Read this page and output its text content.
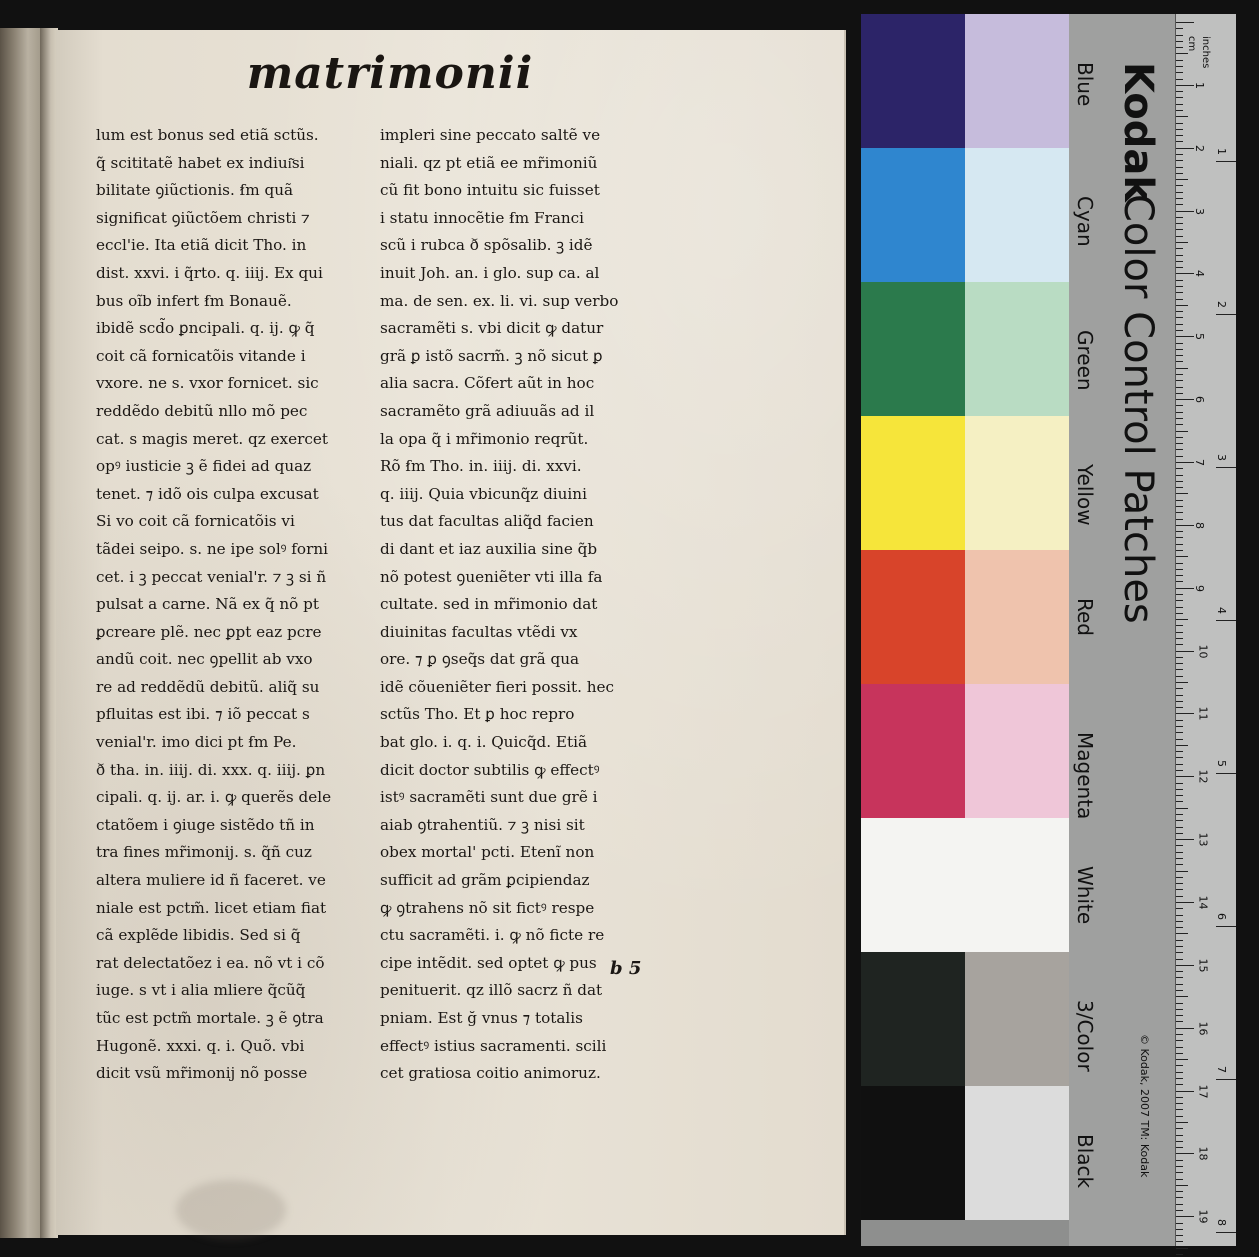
matrimonii
lum est bonus sed etiã sctũs.
q̃ scititatẽ habet ex indiui͂si
bilitate ꝯiũctionis. ẜm quã
significat ꝯiũctõem christi ⁊
eccl'ie. Ita etiã dicit Tho. in
dist. xxvi. i q̃rto. q. iiij. Ex qui
bus oĩb infert ẜm Bonauẽ.
ibidẽ scd̃o ꝑncipali. q. ij. ꝙ q̃
coit cã fornicatõis vitande i
vxore. ne s. vxor fornicet. sic
reddẽdo debitũ nllo mõ pec
cat. s magis meret. qz exercet
opꝰ iusticie ꝫ ẽ fidei ad quaz
tenet. ⁊ idõ ois culpa excusat
Si vo coit cã fornicatõis vi
tãdei seipo. s. ne ipe solꝰ forni
cet. i ꝫ peccat venial'r. ⁊ ꝫ si ñ
pulsat a carne. Nã ex q̃ nõ pt
ꝑcreare plẽ. nec ꝑpt eaz pcre
andũ coit. nec ꝯpellit ab vxo
re ad reddẽdũ debitũ. aliq̃ su
pfluitas est ibi. ⁊ iõ peccat s
venial'r. imo dici pt ẜm Pe.
ð tha. in. iiij. di. xxx. q. iiij. ꝑn
cipali. q. ij. ar. i. ꝙ querẽs dele
ctatõem i ꝯiuge sistẽdo tñ in
tra fines mr̃imonij. s. q̃ñ cuz
altera muliere id ñ faceret. ve
niale est pctm̃. licet etiam fiat
cã explẽde libidis. Sed si q̃
rat delectatõez i ea. nõ vt i cõ
iuge. s vt i alia mliere q̃cũq̃
tũc est pctm̃ mortale. ꝫ ẽ ꝯtra
Hugonẽ. xxxi. q. i. Quõ. vbi
dicit vsũ mr̃imonij nõ posse
impleri sine peccato saltẽ ve
niali. qz pt etiã ee mr̃imoniũ
cũ fit bono intuitu sic fuisset
i statu innocẽtie ẜm Franci
scũ i rubca ð spõsalib. ꝫ idẽ
inuit Joh. an. i glo. sup ca. al
ma. de sen. ex. li. vi. sup verbo
sacramẽti s. vbi dicit ꝙ datur
grã ꝑ istõ sacrm̃. ꝫ nõ sicut ꝑ
alia sacra. Cõfert aũt in hoc
sacramẽto grã adiuuãs ad il
la opa q̃ i mr̃imonio reqrũt.
Rõ ẜm Tho. in. iiij. di. xxvi.
q. iiij. Quia vbicunq̃z diuini
tus dat facultas aliq̃d facien
di dant et iaz auxilia sine q̃b
nõ potest ꝯueniẽter vti illa fa
cultate. sed in mr̃imonio dat
diuinitas facultas vtẽdi vx
ore. ⁊ ꝑ ꝯseq̃s dat grã qua
idẽ cõueniẽter fieri possit. hec
sctũs Tho. Et ꝑ hoc repro
bat glo. i. q. i. Quicq̃d. Etiã
dicit doctor subtilis ꝙ effectꝰ
istꝰ sacramẽti sunt due grẽ i
aiab ꝯtrahentiũ. ⁊ ꝫ nisi sit
obex mortal' pcti. Etenĩ non
sufficit ad grãm ꝑcipiendaz
ꝙ ꝯtrahens nõ sit fictꝰ respe
ctu sacramẽti. i. ꝙ nõ ficte re
cipe intẽdit. sed optet ꝙ pus
penituerit. qz illõ sacrz ñ dat
pniam. Est ğ vnus ⁊ totalis
effectꝰ istius sacramenti. scili
cet gratiosa coitio animoruz.
b 5
1
2
3
4
5
6
7
8
9
10
11
12
13
14
15
16
17
18
19
1
2
3
4
5
6
7
8
Kodak
Color Control Patches
© Kodak, 2007 TM: Kodak
cm inches
Blue
Cyan
Green
Yellow
Red
Magenta
White
3/Color
Black
